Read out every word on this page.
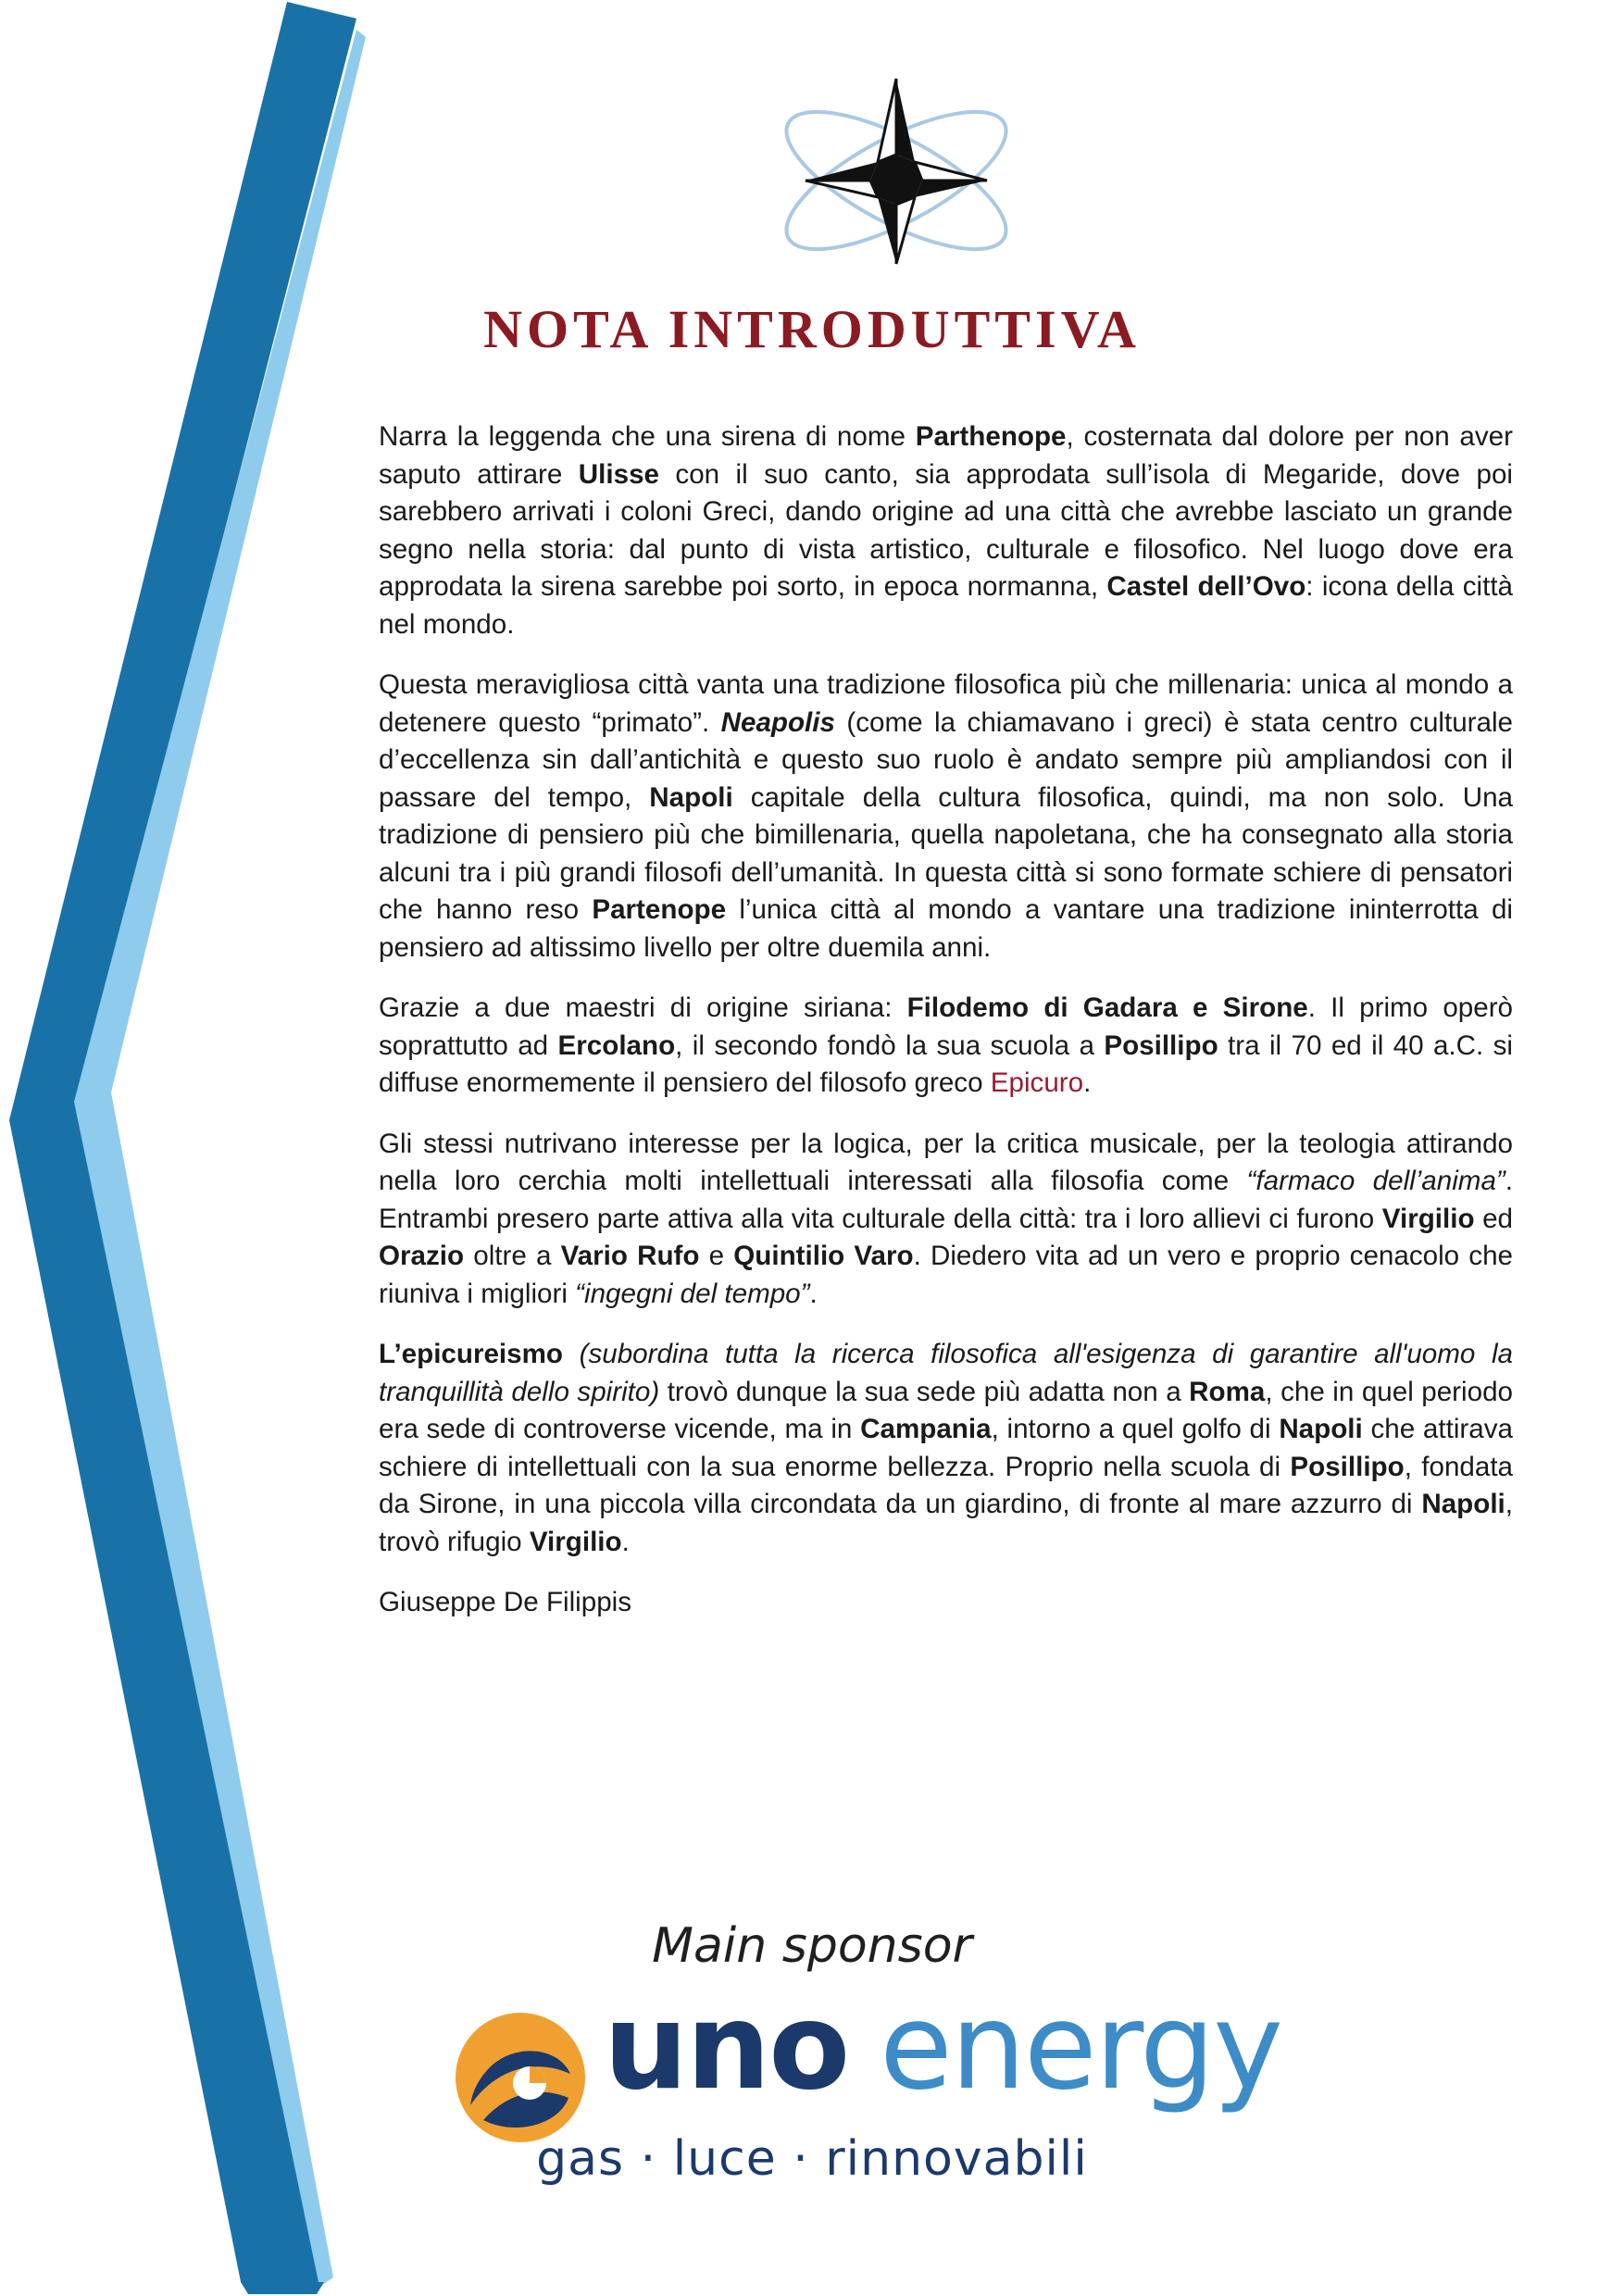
NOTA INTRODUTTIVA

Narra la leggenda che una sirena di nome Parthenope, costernata dal dolore per non aver saputo attirare Ulisse con il suo canto, sia approdata sull’isola di Megaride, dove poi sarebbero arrivati i coloni Greci, dando origine ad una città che avrebbe lasciato un grande segno nella storia: dal punto di vista artistico, culturale e filosofico. Nel luogo dove era approdata la sirena sarebbe poi sorto, in epoca normanna, Castel dell’Ovo: icona della città nel mondo.

Questa meravigliosa città vanta una tradizione filosofica più che millenaria: unica al mondo a detenere questo “primato”. Neapolis (come la chiamavano i greci) è stata centro culturale d’eccellenza sin dall’antichità e questo suo ruolo è andato sempre più ampliandosi con il passare del tempo, Napoli capitale della cultura filosofica, quindi, ma non solo. Una tradizione di pensiero più che bimillenaria, quella napoletana, che ha consegnato alla storia alcuni tra i più grandi filosofi dell’umanità. In questa città si sono formate schiere di pensatori che hanno reso Partenope l’unica città al mondo a vantare una tradizione ininterrotta di pensiero ad altissimo livello per oltre duemila anni.

Grazie a due maestri di origine siriana: Filodemo di Gadara e Sirone. Il primo operò soprattutto ad Ercolano, il secondo fondò la sua scuola a Posillipo tra il 70 ed il 40 a.C. si diffuse enormemente il pensiero del filosofo greco Epicuro.

Gli stessi nutrivano interesse per la logica, per la critica musicale, per la teologia attirando nella loro cerchia molti intellettuali interessati alla filosofia come “farmaco dell’anima”. Entrambi presero parte attiva alla vita culturale della città: tra i loro allievi ci furono Virgilio ed Orazio oltre a Vario Rufo e Quintilio Varo. Diedero vita ad un vero e proprio cenacolo che riuniva i migliori “ingegni del tempo”.

L’epicureismo (subordina tutta la ricerca filosofica all'esigenza di garantire all'uomo la tranquillità dello spirito) trovò dunque la sua sede più adatta non a Roma, che in quel periodo era sede di controverse vicende, ma in Campania, intorno a quel golfo di Napoli che attirava schiere di intellettuali con la sua enorme bellezza. Proprio nella scuola di Posillipo, fondata da Sirone, in una piccola villa circondata da un giardino, di fronte al mare azzurro di Napoli, trovò rifugio Virgilio.

Giuseppe De Filippis

Main sponsor
uno energy
gas · luce · rinnovabili
